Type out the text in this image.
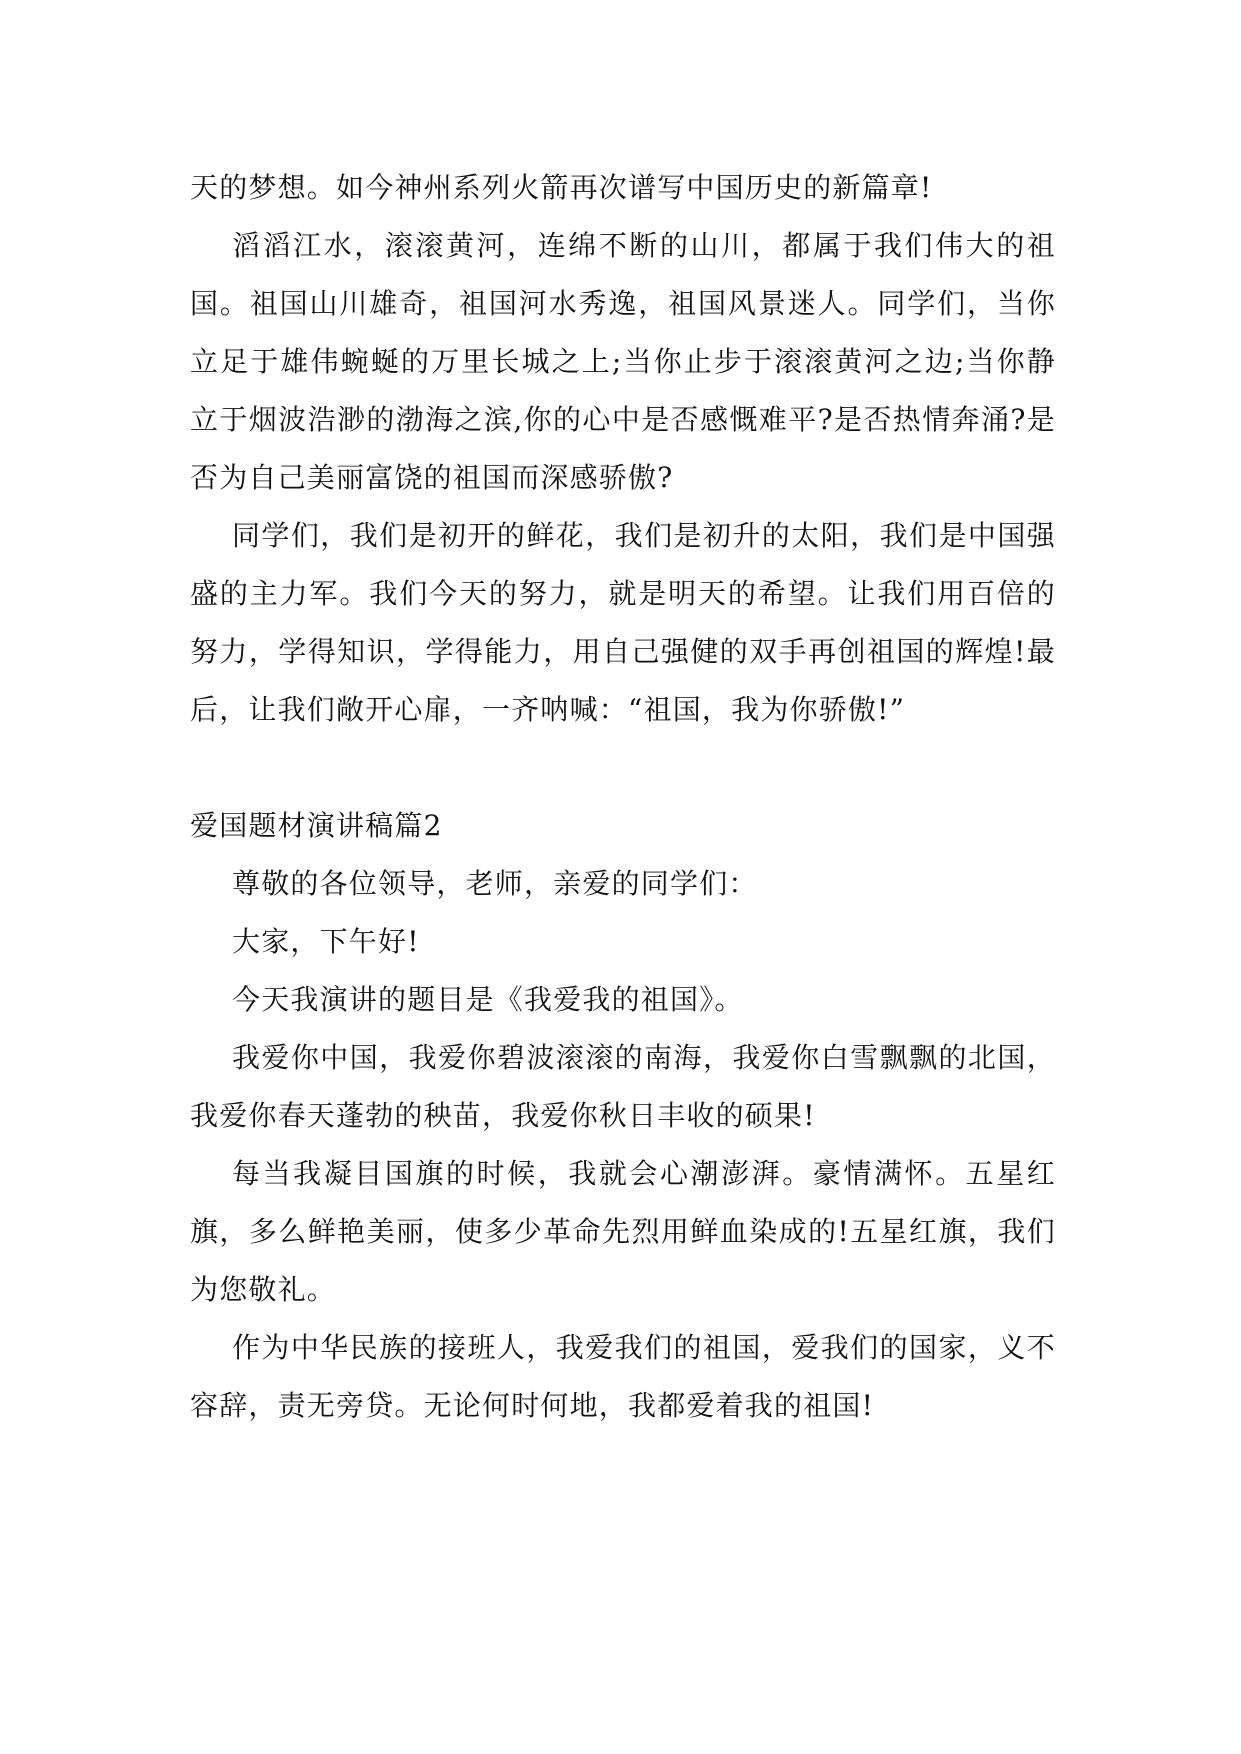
天的梦想。如今神州系列火箭再次谱写中国历史的新篇章!

滔滔江水，滚滚黄河，连绵不断的山川，都属于我们伟大的祖国。祖国山川雄奇，祖国河水秀逸，祖国风景迷人。同学们，当你立足于雄伟蜿蜒的万里长城之上;当你止步于滚滚黄河之边;当你静立于烟波浩渺的渤海之滨,你的心中是否感慨难平?是否热情奔涌?是否为自己美丽富饶的祖国而深感骄傲?

同学们，我们是初开的鲜花，我们是初升的太阳，我们是中国强盛的主力军。我们今天的努力，就是明天的希望。让我们用百倍的努力，学得知识，学得能力，用自己强健的双手再创祖国的辉煌!最后，让我们敞开心扉，一齐呐喊：“祖国，我为你骄傲!”

爱国题材演讲稿篇2

尊敬的各位领导，老师，亲爱的同学们：

大家，下午好!

今天我演讲的题目是《我爱我的祖国》。

我爱你中国，我爱你碧波滚滚的南海，我爱你白雪飘飘的北国，我爱你春天蓬勃的秧苗，我爱你秋日丰收的硕果!

每当我凝目国旗的时候，我就会心潮澎湃。豪情满怀。五星红旗，多么鲜艳美丽，使多少革命先烈用鲜血染成的!五星红旗，我们为您敬礼。

作为中华民族的接班人，我爱我们的祖国，爱我们的国家，义不容辞，责无旁贷。无论何时何地，我都爱着我的祖国!
